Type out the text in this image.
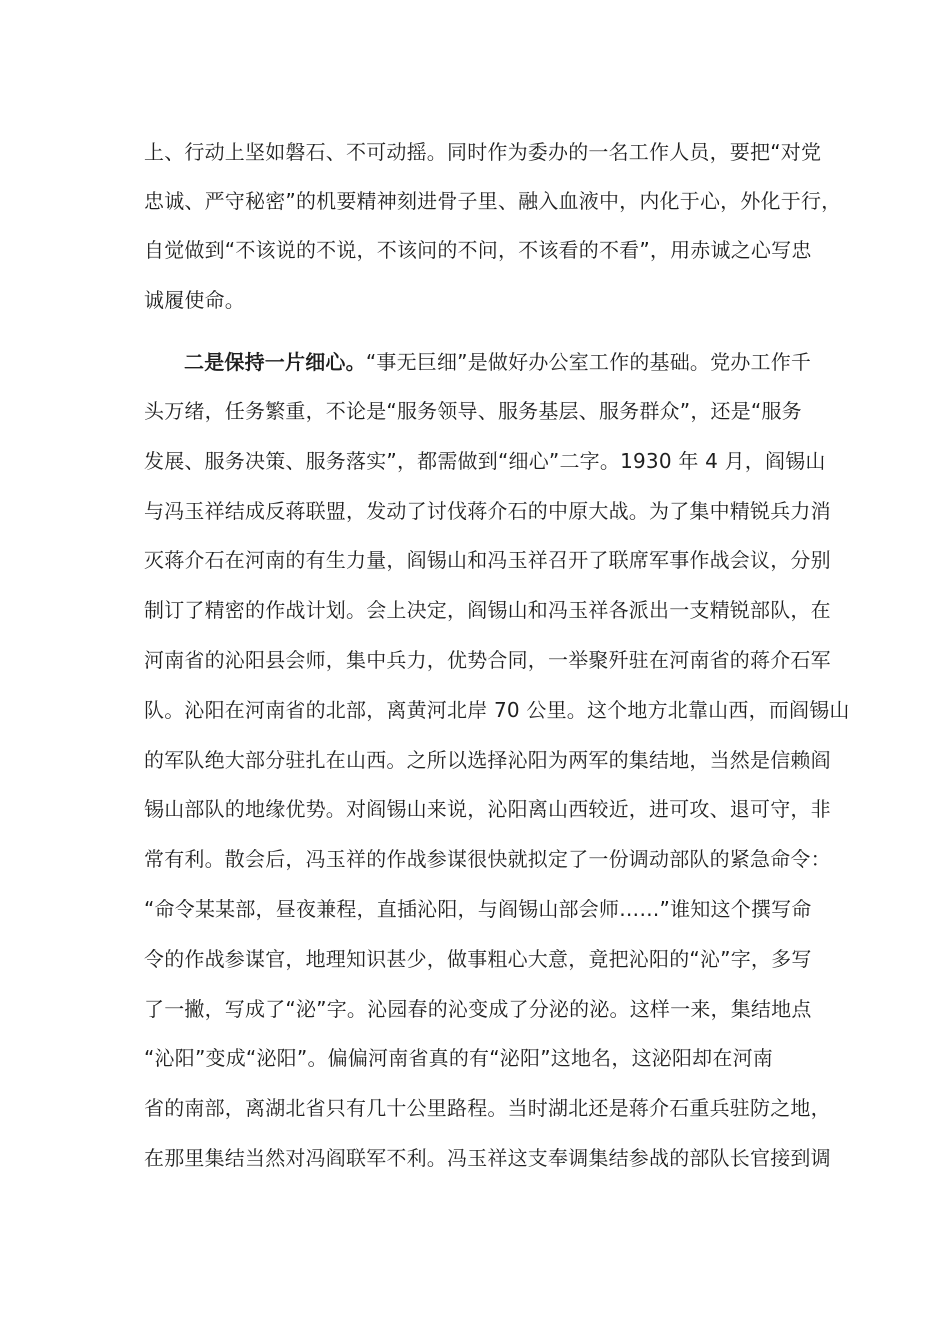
上、行动上坚如磐石、不可动摇。同时作为委办的一名工作人员，要把“对党
忠诚、严守秘密”的机要精神刻进骨子里、融入血液中，内化于心，外化于行，
自觉做到“不该说的不说，不该问的不问，不该看的不看”，用赤诚之心写忠
诚履使命。
二是保持一片细心。“事无巨细”是做好办公室工作的基础。党办工作千
头万绪，任务繁重，不论是“服务领导、服务基层、服务群众”，还是“服务
发展、服务决策、服务落实”，都需做到“细心”二字。1930 年 4 月，阎锡山
与冯玉祥结成反蒋联盟，发动了讨伐蒋介石的中原大战。为了集中精锐兵力消
灭蒋介石在河南的有生力量，阎锡山和冯玉祥召开了联席军事作战会议，分别
制订了精密的作战计划。会上决定，阎锡山和冯玉祥各派出一支精锐部队，在
河南省的沁阳县会师，集中兵力，优势合同，一举聚歼驻在河南省的蒋介石军
队。沁阳在河南省的北部，离黄河北岸 70 公里。这个地方北靠山西，而阎锡山
的军队绝大部分驻扎在山西。之所以选择沁阳为两军的集结地，当然是信赖阎
锡山部队的地缘优势。对阎锡山来说，沁阳离山西较近，进可攻、退可守，非
常有利。散会后，冯玉祥的作战参谋很快就拟定了一份调动部队的紧急命令：
“命令某某部，昼夜兼程，直插沁阳，与阎锡山部会师……”谁知这个撰写命
令的作战参谋官，地理知识甚少，做事粗心大意，竟把沁阳的“沁”字，多写
了一撇，写成了“泌”字。沁园春的沁变成了分泌的泌。这样一来，集结地点
“沁阳”变成“泌阳”。偏偏河南省真的有“泌阳”这地名，这泌阳却在河南
省的南部，离湖北省只有几十公里路程。当时湖北还是蒋介石重兵驻防之地，
在那里集结当然对冯阎联军不利。冯玉祥这支奉调集结参战的部队长官接到调
